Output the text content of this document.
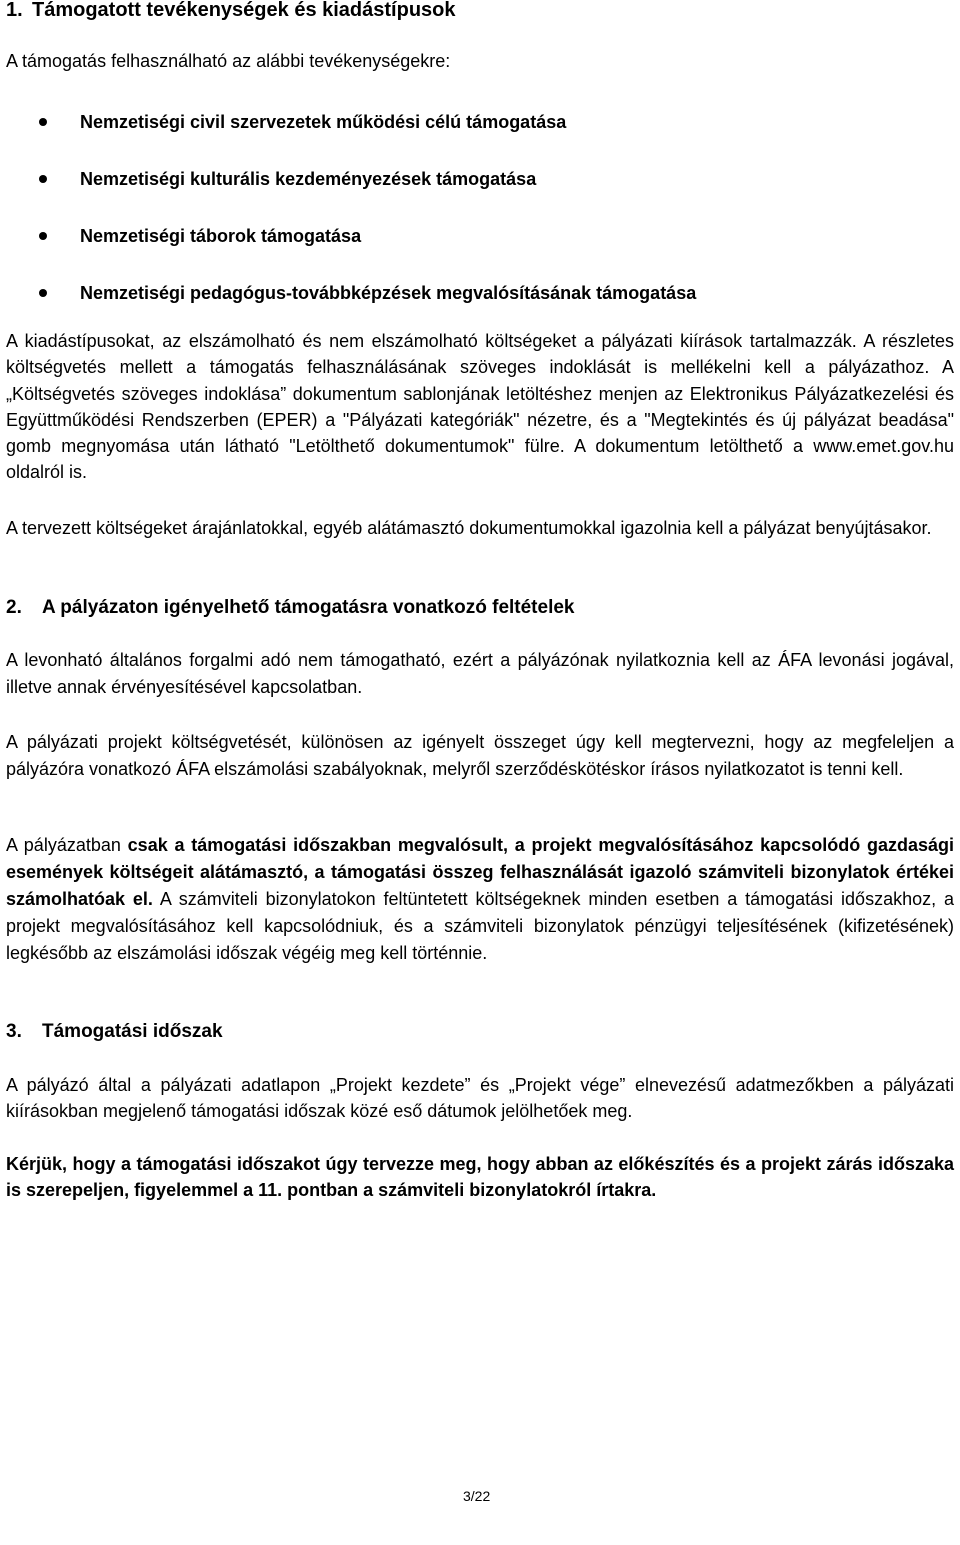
1. Támogatott tevékenységek és kiadástípusok

A támogatás felhasználható az alábbi tevékenységekre:

Nemzetiségi civil szervezetek működési célú támogatása
Nemzetiségi kulturális kezdeményezések támogatása
Nemzetiségi táborok támogatása
Nemzetiségi pedagógus-továbbképzések megvalósításának támogatása

A kiadástípusokat, az elszámolható és nem elszámolható költségeket a pályázati kiírások tartalmazzák. A részletes költségvetés mellett a támogatás felhasználásának szöveges indoklását is mellékelni kell a pályázathoz. A „Költségvetés szöveges indoklása” dokumentum sablonjának letöltéshez menjen az Elektronikus Pályázatkezelési és Együttműködési Rendszerben (EPER) a "Pályázati kategóriák" nézetre, és a "Megtekintés és új pályázat beadása" gomb megnyomása után látható "Letölthető dokumentumok" fülre. A dokumentum letölthető a www.emet.gov.hu oldalról is.

A tervezett költségeket árajánlatokkal, egyéb alátámasztó dokumentumokkal igazolnia kell a pályázat benyújtásakor.

2. A pályázaton igényelhető támogatásra vonatkozó feltételek

A levonható általános forgalmi adó nem támogatható, ezért a pályázónak nyilatkoznia kell az ÁFA levonási jogával, illetve annak érvényesítésével kapcsolatban.

A pályázati projekt költségvetését, különösen az igényelt összeget úgy kell megtervezni, hogy az megfeleljen a pályázóra vonatkozó ÁFA elszámolási szabályoknak, melyről szerződéskötéskor írásos nyilatkozatot is tenni kell.

A pályázatban csak a támogatási időszakban megvalósult, a projekt megvalósításához kapcsolódó gazdasági események költségeit alátámasztó, a támogatási összeg felhasználását igazoló számviteli bizonylatok értékei számolhatóak el. A számviteli bizonylatokon feltüntetett költségeknek minden esetben a támogatási időszakhoz, a projekt megvalósításához kell kapcsolódniuk, és a számviteli bizonylatok pénzügyi teljesítésének (kifizetésének) legkésőbb az elszámolási időszak végéig meg kell történnie.

3. Támogatási időszak

A pályázó által a pályázati adatlapon „Projekt kezdete” és „Projekt vége” elnevezésű adatmezőkben a pályázati kiírásokban megjelenő támogatási időszak közé eső dátumok jelölhetőek meg.

Kérjük, hogy a támogatási időszakot úgy tervezze meg, hogy abban az előkészítés és a projekt zárás időszaka is szerepeljen, figyelemmel a 11. pontban a számviteli bizonylatokról írtakra.

3/22
